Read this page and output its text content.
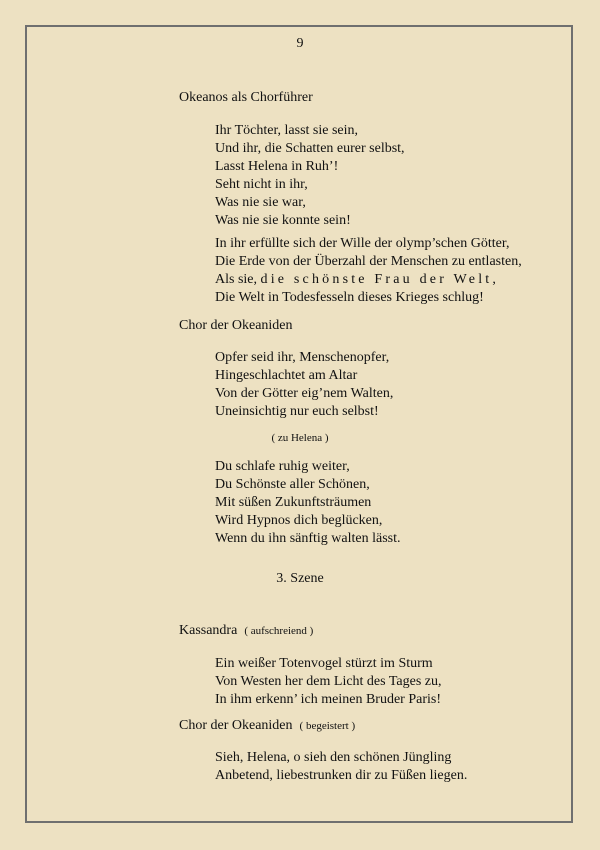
9
Okeanos als Chorführer
Ihr Töchter, lasst sie sein,
Und ihr, die Schatten eurer selbst,
Lasst Helena in Ruh’!
Seht nicht in ihr,
Was nie sie war,
Was nie sie konnte sein!
In ihr erfüllte sich der Wille der olymp’schen Götter,
Die Erde von der Überzahl der Menschen zu entlasten,
Als sie, die schönste Frau der Welt,
Die Welt in Todesfesseln dieses Krieges schlug!
Chor der Okeaniden
Opfer seid ihr, Menschenopfer,
Hingeschlachtet am Altar
Von der Götter eig’nem Walten,
Uneinsichtig nur euch selbst!
( zu Helena )
Du schlafe ruhig weiter,
Du Schönste aller Schönen,
Mit süßen Zukunftsträumen
Wird Hypnos dich beglücken,
Wenn du ihn sänftig walten lässt.
3. Szene
Kassandra ( aufschreiend )
Ein weißer Totenvogel stürzt im Sturm
Von Westen her dem Licht des Tages zu,
In ihm erkenn’ ich meinen Bruder Paris!
Chor der Okeaniden ( begeistert )
Sieh, Helena, o sieh den schönen Jüngling
Anbetend, liebestrunken dir zu Füßen liegen.
